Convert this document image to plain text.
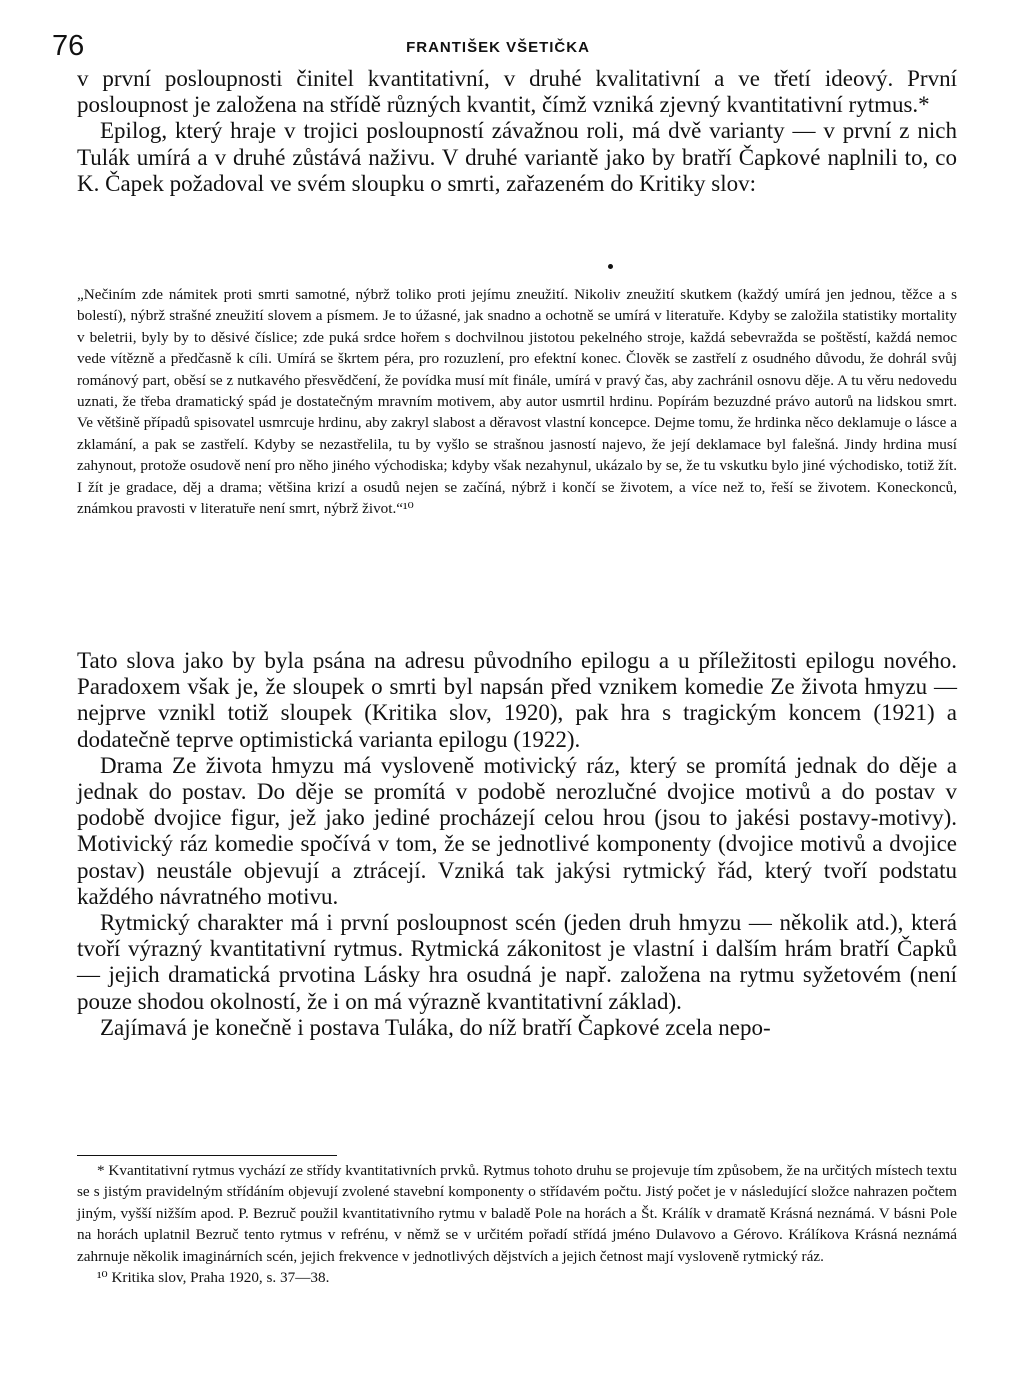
76	FRANTIŠEK VŠETIČKA

v první posloupnosti činitel kvantitativní, v druhé kvalitativní a ve třetí ideový. První posloupnost je založena na střídě různých kvantit, čímž vzniká zjevný kvantitativní rytmus.*

Epilog, který hraje v trojici posloupností závažnou roli, má dvě varianty — v první z nich Tulák umírá a v druhé zůstává naživu. V druhé variantě jako by bratří Čapkové naplnili to, co K. Čapek požadoval ve svém sloupku o smrti, zařazeném do Kritiky slov:

„Nečiním zde námitek proti smrti samotné, nýbrž toliko proti jejímu zneužití. Nikoliv zneužití skutkem (každý umírá jen jednou, těžce a s bolestí), nýbrž strašné zneužití slovem a písmem. Je to úžasné, jak snadno a ochotně se umírá v literatuře. Kdyby se založila statistiky mortality v beletrii, byly by to děsivé číslice; zde puká srdce hořem s dochvilnou jistotou pekelného stroje, každá sebevražda se poštěstí, každá nemoc vede vítězně a předčasně k cíli. Umírá se škrtem péra, pro rozuzlení, pro efektní konec. Člověk se zastřelí z osudného důvodu, že dohrál svůj románový part, oběsí se z nutkavého přesvědčení, že povídka musí mít finále, umírá v pravý čas, aby zachránil osnovu děje. A tu věru nedovedu uznati, že třeba dramatický spád je dostatečným mravním motivem, aby autor usmrtil hrdinu. Popírám bezuzdné právo autorů na lidskou smrt. Ve většině případů spisovatel usmrcuje hrdinu, aby zakryl slabost a děravost vlastní koncepce. Dejme tomu, že hrdinka něco deklamuje o lásce a zklamání, a pak se zastřelí. Kdyby se nezastřelila, tu by vyšlo se strašnou jasností najevo, že její deklamace byl falešná. Jindy hrdina musí zahynout, protože osudově není pro něho jiného východiska; kdyby však nezahynul, ukázalo by se, že tu vskutku bylo jiné východisko, totiž žít. I žít je gradace, děj a drama; většina krizí a osudů nejen se začíná, nýbrž i končí se životem, a více než to, řeší se životem. Koneckonců, známkou pravosti v literatuře není smrt, nýbrž život.“¹⁰

Tato slova jako by byla psána na adresu původního epilogu a u příležitosti epilogu nového. Paradoxem však je, že sloupek o smrti byl napsán před vznikem komedie Ze života hmyzu — nejprve vznikl totiž sloupek (Kritika slov, 1920), pak hra s tragickým koncem (1921) a dodatečně teprve optimistická varianta epilogu (1922).

Drama Ze života hmyzu má vysloveně motivický ráz, který se promítá jednak do děje a jednak do postav. Do děje se promítá v podobě nerozlučné dvojice motivů a do postav v podobě dvojice figur, jež jako jediné procházejí celou hrou (jsou to jakési postavy-motivy). Motivický ráz komedie spočívá v tom, že se jednotlivé komponenty (dvojice motivů a dvojice postav) neustále objevují a ztrácejí. Vzniká tak jakýsi rytmický řád, který tvoří podstatu každého návratného motivu.

Rytmický charakter má i první posloupnost scén (jeden druh hmyzu — několik atd.), která tvoří výrazný kvantitativní rytmus. Rytmická zákonitost je vlastní i dalším hrám bratří Čapků — jejich dramatická prvotina Lásky hra osudná je např. založena na rytmu syžetovém (není pouze shodou okolností, že i on má výrazně kvantitativní základ).

Zajímavá je konečně i postava Tuláka, do níž bratří Čapkové zcela nepo-

* Kvantitativní rytmus vychází ze střídy kvantitativních prvků. Rytmus tohoto druhu se projevuje tím způsobem, že na určitých místech textu se s jistým pravidelným střídáním objevují zvolené stavební komponenty o střídavém počtu. Jistý počet je v následující složce nahrazen počtem jiným, vyšší nižším apod. P. Bezruč použil kvantitativního rytmu v baladě Pole na horách a Št. Králík v dramatě Krásná neznámá. V básni Pole na horách uplatnil Bezruč tento rytmus v refrénu, v němž se v určitém pořadí střídá jméno Dulavovo a Gérovo. Králíkova Krásná neznámá zahrnuje několik imaginárních scén, jejich frekvence v jednotlivých dějstvích a jejich četnost mají vysloveně rytmický ráz.

¹⁰ Kritika slov, Praha 1920, s. 37—38.
